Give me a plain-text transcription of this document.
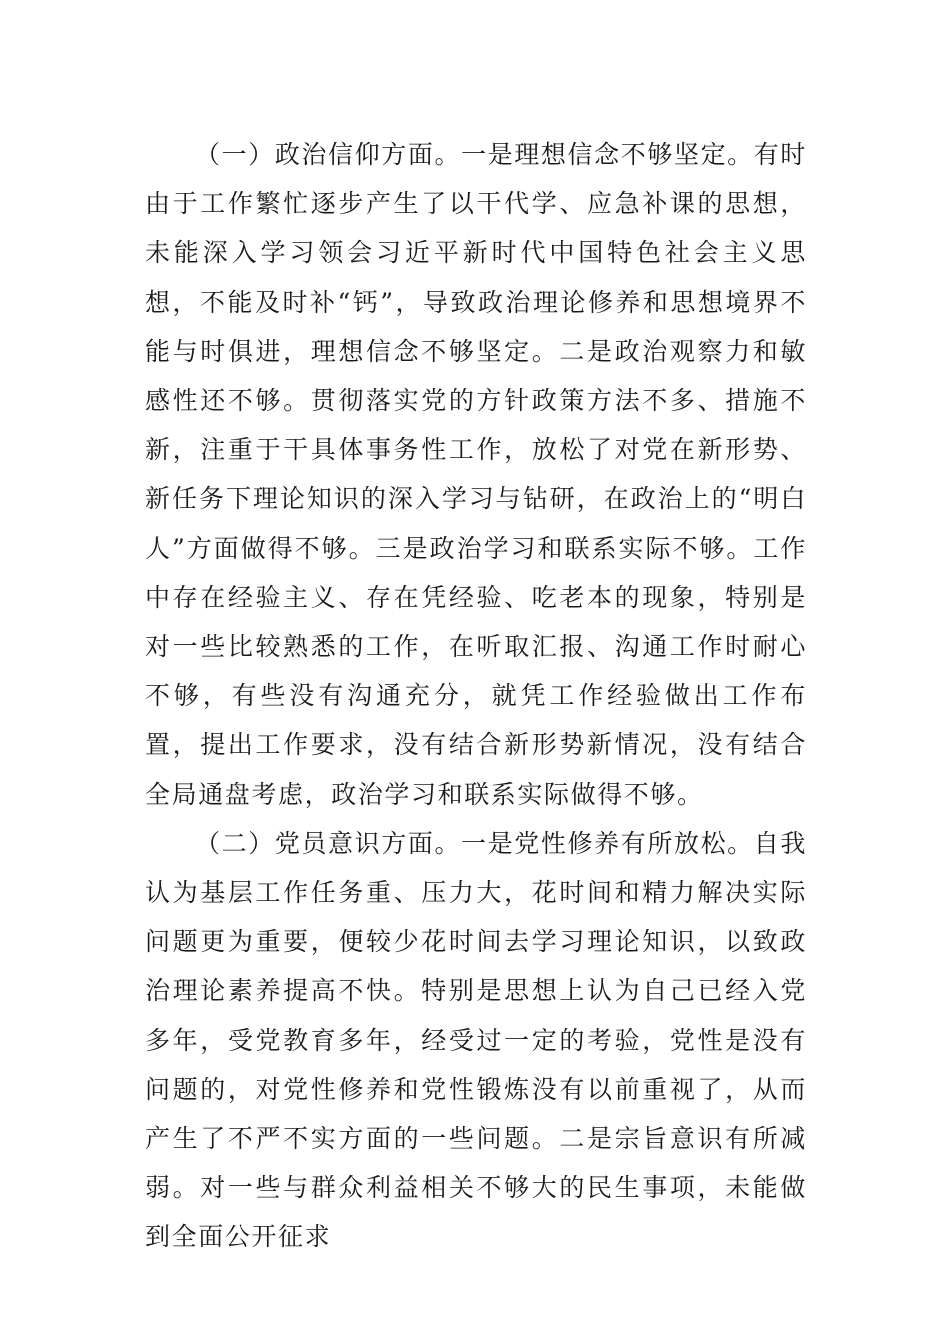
（一）政治信仰方面。一是理想信念不够坚定。有时由于工作繁忙逐步产生了以干代学、应急补课的思想，未能深入学习领会习近平新时代中国特色社会主义思想，不能及时补“钙”，导致政治理论修养和思想境界不能与时俱进，理想信念不够坚定。二是政治观察力和敏感性还不够。贯彻落实党的方针政策方法不多、措施不新，注重于干具体事务性工作，放松了对党在新形势、新任务下理论知识的深入学习与钻研，在政治上的“明白人”方面做得不够。三是政治学习和联系实际不够。工作中存在经验主义、存在凭经验、吃老本的现象，特别是对一些比较熟悉的工作，在听取汇报、沟通工作时耐心不够，有些没有沟通充分，就凭工作经验做出工作布置，提出工作要求，没有结合新形势新情况，没有结合全局通盘考虑，政治学习和联系实际做得不够。

（二）党员意识方面。一是党性修养有所放松。自我认为基层工作任务重、压力大，花时间和精力解决实际问题更为重要，便较少花时间去学习理论知识，以致政治理论素养提高不快。特别是思想上认为自己已经入党多年，受党教育多年，经受过一定的考验，党性是没有问题的，对党性修养和党性锻炼没有以前重视了，从而产生了不严不实方面的一些问题。二是宗旨意识有所减弱。对一些与群众利益相关不够大的民生事项，未能做到全面公开征求
